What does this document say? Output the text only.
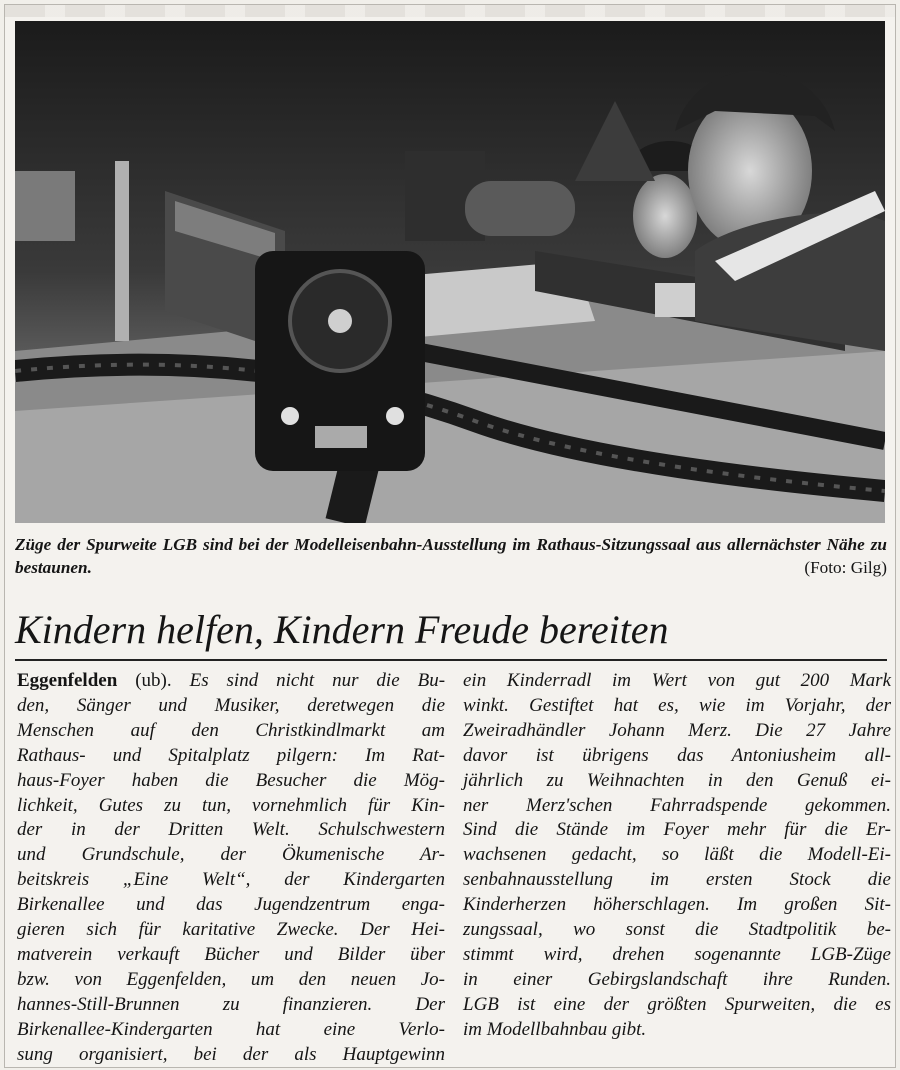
Züge der Spurweite LGB sind bei der Modelleisenbahn-Ausstellung im Rathaus-Sitzungssaal aus allernächster Nähe zu bestaunen.	(Foto: Gilg)
Kindern helfen, Kindern Freude bereiten
Eggenfelden (ub). Es sind nicht nur die Bu-
den, Sänger und Musiker, deretwegen die
Menschen auf den Christkindlmarkt am
Rathaus- und Spitalplatz pilgern: Im Rat-
haus-Foyer haben die Besucher die Mög-
lichkeit, Gutes zu tun, vornehmlich für Kin-
der in der Dritten Welt. Schulschwestern
und Grundschule, der Ökumenische Ar-
beitskreis „Eine Welt“, der Kindergarten
Birkenallee und das Jugendzentrum enga-
gieren sich für karitative Zwecke. Der Hei-
matverein verkauft Bücher und Bilder über
bzw. von Eggenfelden, um den neuen Jo-
hannes-Still-Brunnen zu finanzieren. Der
Birkenallee-Kindergarten hat eine Verlo-
sung organisiert, bei der als Hauptgewinn
ein Kinderradl im Wert von gut 200 Mark
winkt. Gestiftet hat es, wie im Vorjahr, der
Zweiradhändler Johann Merz. Die 27 Jahre
davor ist übrigens das Antoniusheim all-
jährlich zu Weihnachten in den Genuß ei-
ner Merz'schen Fahrradspende gekommen.
Sind die Stände im Foyer mehr für die Er-
wachsenen gedacht, so läßt die Modell-Ei-
senbahnausstellung im ersten Stock die
Kinderherzen höherschlagen. Im großen Sit-
zungssaal, wo sonst die Stadtpolitik be-
stimmt wird, drehen sogenannte LGB-Züge
in einer Gebirgslandschaft ihre Runden.
LGB ist eine der größten Spurweiten, die es
im Modellbahnbau gibt.
